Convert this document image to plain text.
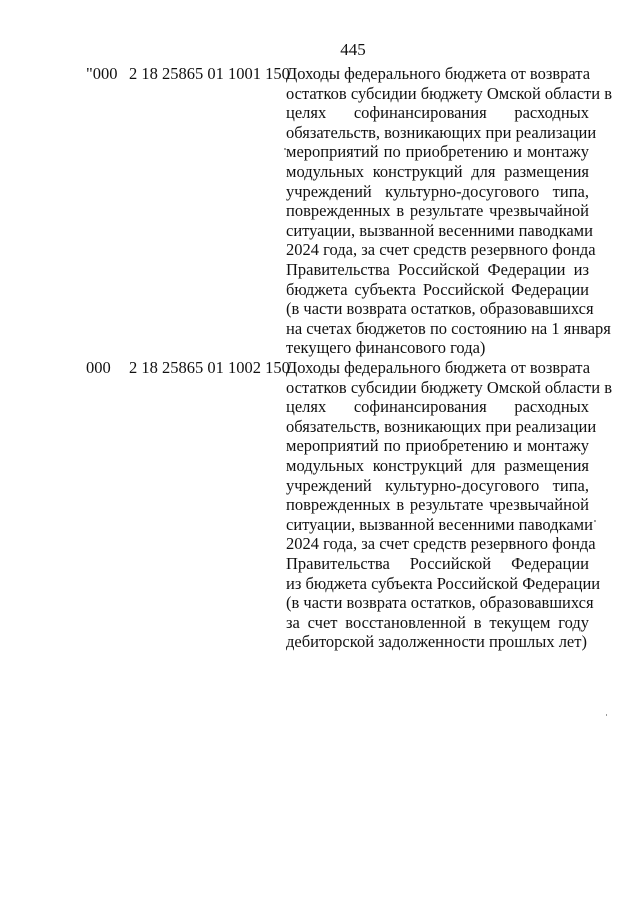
445
"000 2 18 25865 01 1001 150
Доходы федерального бюджета от возврата
остатков субсидии бюджету Омской области в
целях софинансирования расходных
обязательств, возникающих при реализации
мероприятий по приобретению и монтажу
модульных конструкций для размещения
учреждений культурно-досугового типа,
поврежденных в результате чрезвычайной
ситуации, вызванной весенними паводками
2024 года, за счет средств резервного фонда
Правительства Российской Федерации из
бюджета субъекта Российской Федерации
(в части возврата остатков, образовавшихся
на счетах бюджетов по состоянию на 1 января
текущего финансового года)
000 2 18 25865 01 1002 150
Доходы федерального бюджета от возврата
остатков субсидии бюджету Омской области в
целях софинансирования расходных
обязательств, возникающих при реализации
мероприятий по приобретению и монтажу
модульных конструкций для размещения
учреждений культурно-досугового типа,
поврежденных в результате чрезвычайной
ситуации, вызванной весенними паводками
2024 года, за счет средств резервного фонда
Правительства Российской Федерации
из бюджета субъекта Российской Федерации
(в части возврата остатков, образовавшихся
за счет восстановленной в текущем году
дебиторской задолженности прошлых лет)
